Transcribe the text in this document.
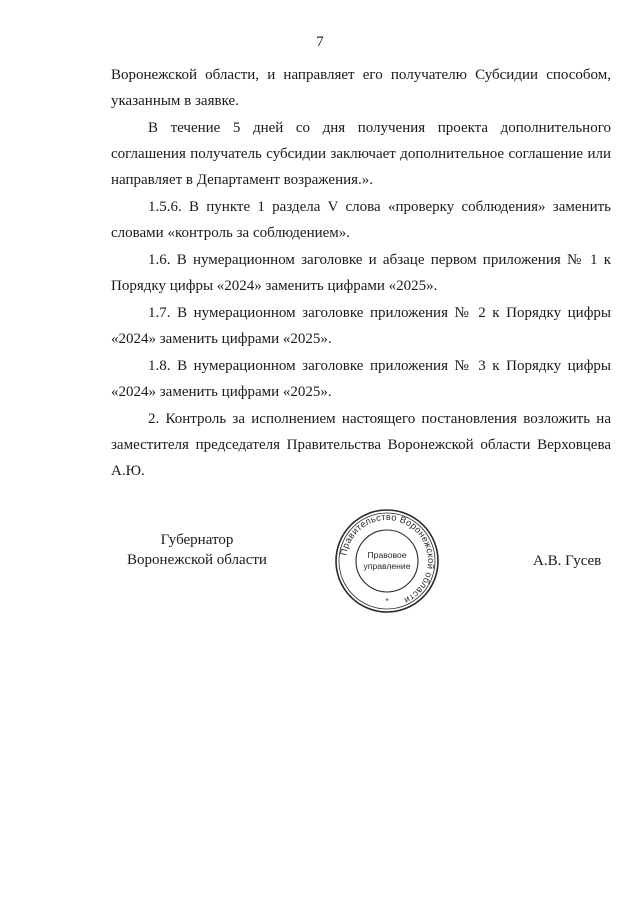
7

Воронежской области, и направляет его получателю Субсидии способом, указанным в заявке.

В течение 5 дней со дня получения проекта дополнительного соглашения получатель субсидии заключает дополнительное соглашение или направляет в Департамент возражения.».

1.5.6. В пункте 1 раздела V слова «проверку соблюдения» заменить словами «контроль за соблюдением».

1.6. В нумерационном заголовке и абзаце первом приложения № 1 к Порядку цифры «2024» заменить цифрами «2025».

1.7. В нумерационном заголовке приложения № 2 к Порядку цифры «2024» заменить цифрами «2025».

1.8. В нумерационном заголовке приложения № 3 к Порядку цифры «2024» заменить цифрами «2025».

2. Контроль за исполнением настоящего постановления возложить на заместителя председателя Правительства Воронежской области Верховцева А.Ю.

Губернатор
Воронежской области
Правительство Воронежской области
Правовое
управление
*
А.В. Гусев
